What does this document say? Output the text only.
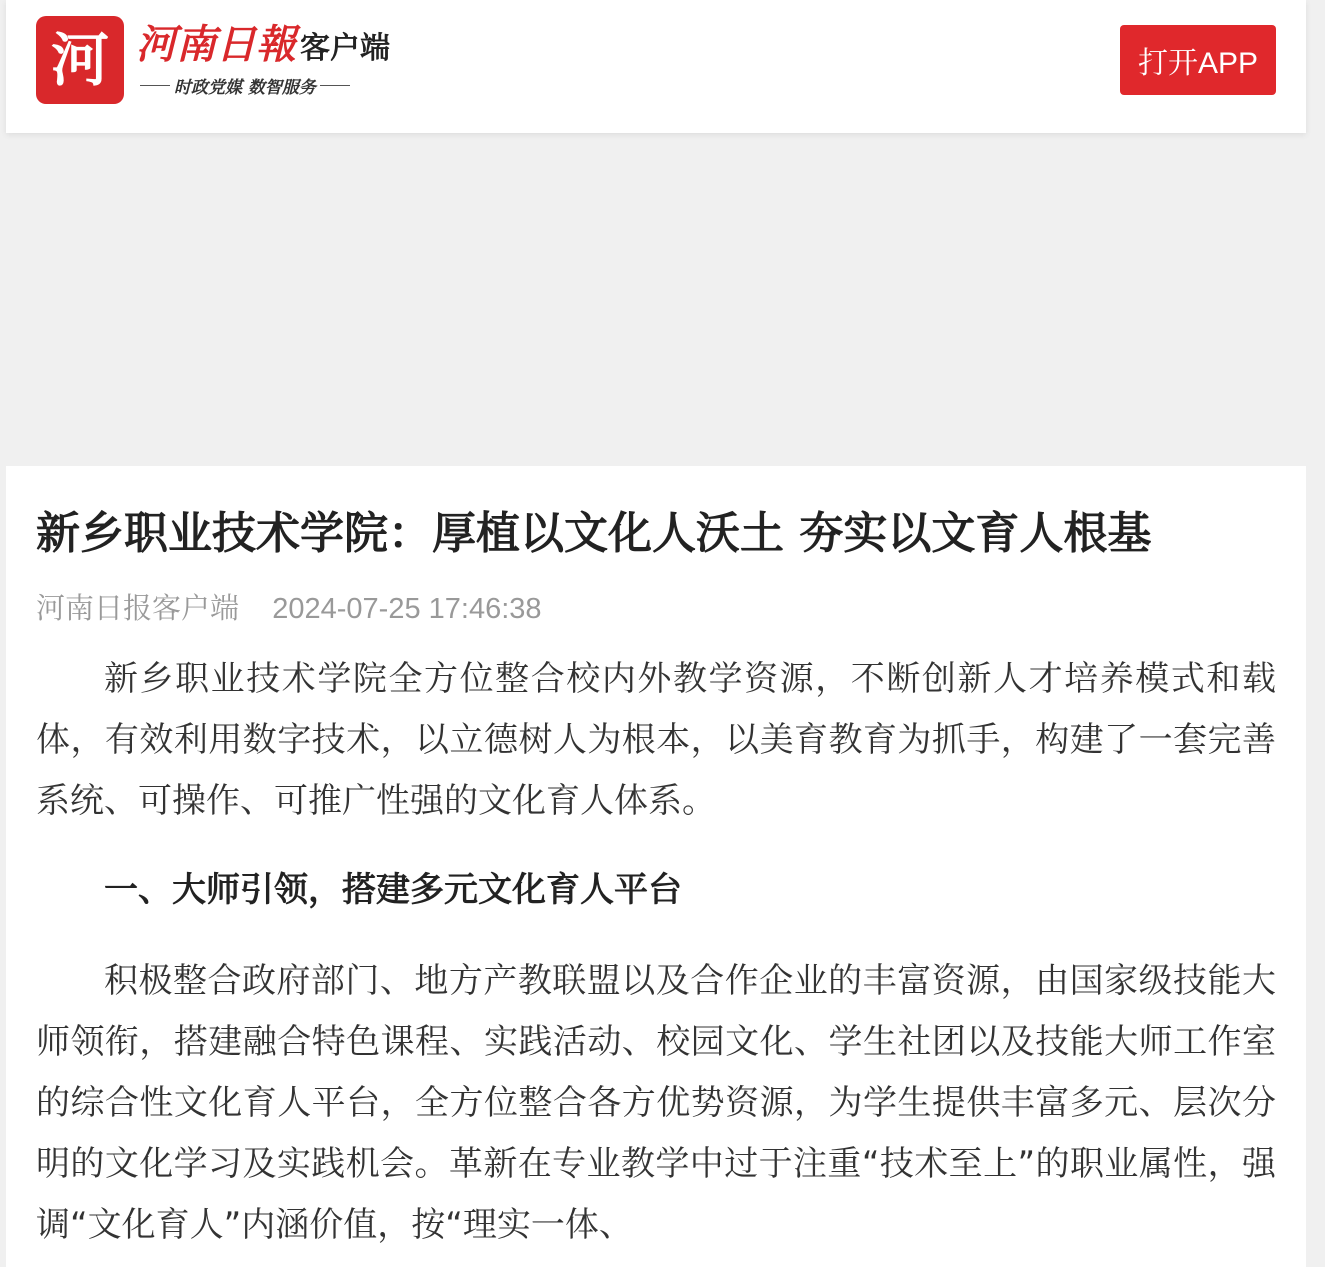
河 河南日報 客户端
时政党媒 数智服务
打开APP
新乡职业技术学院：厚植以文化人沃土 夯实以文育人根基
河南日报客户端 2024-07-25 17:46:38

新乡职业技术学院全方位整合校内外教学资源，不断创新人才培养模式和载体，有效利用数字技术，以立德树人为根本，以美育教育为抓手，构建了一套完善系统、可操作、可推广性强的文化育人体系。

一、大师引领，搭建多元文化育人平台

积极整合政府部门、地方产教联盟以及合作企业的丰富资源，由国家级技能大师领衔，搭建融合特色课程、实践活动、校园文化、学生社团以及技能大师工作室的综合性文化育人平台，全方位整合各方优势资源，为学生提供丰富多元、层次分明的文化学习及实践机会。革新在专业教学中过于注重“技术至上”的职业属性，强调“文化育人”内涵价值，按“理实一体、
